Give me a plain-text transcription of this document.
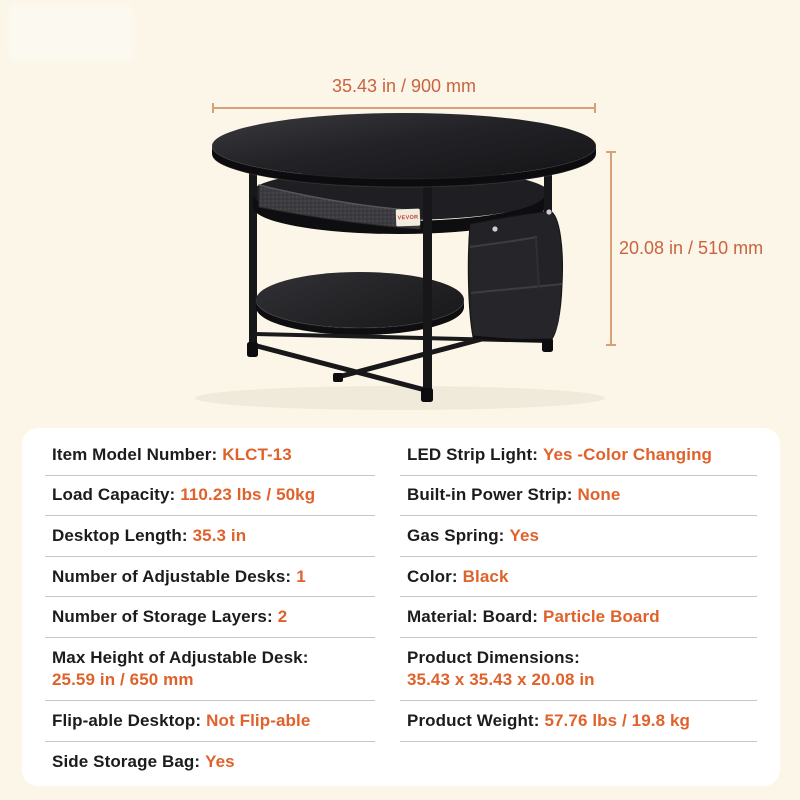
VEVOR
35.43 in / 900 mm
20.08 in / 510 mm
Item Model Number: KLCT-13
Load Capacity: 110.23 lbs / 50kg
Desktop Length: 35.3 in
Number of Adjustable Desks: 1
Number of Storage Layers: 2
Max Height of Adjustable Desk:
25.59 in / 650 mm
Flip-able Desktop: Not Flip-able
Side Storage Bag: Yes
LED Strip Light: Yes -Color Changing
Built-in Power Strip: None
Gas Spring: Yes
Color: Black
Material: Board: Particle Board
Product Dimensions:
35.43 x 35.43 x 20.08 in
Product Weight: 57.76 lbs / 19.8 kg
